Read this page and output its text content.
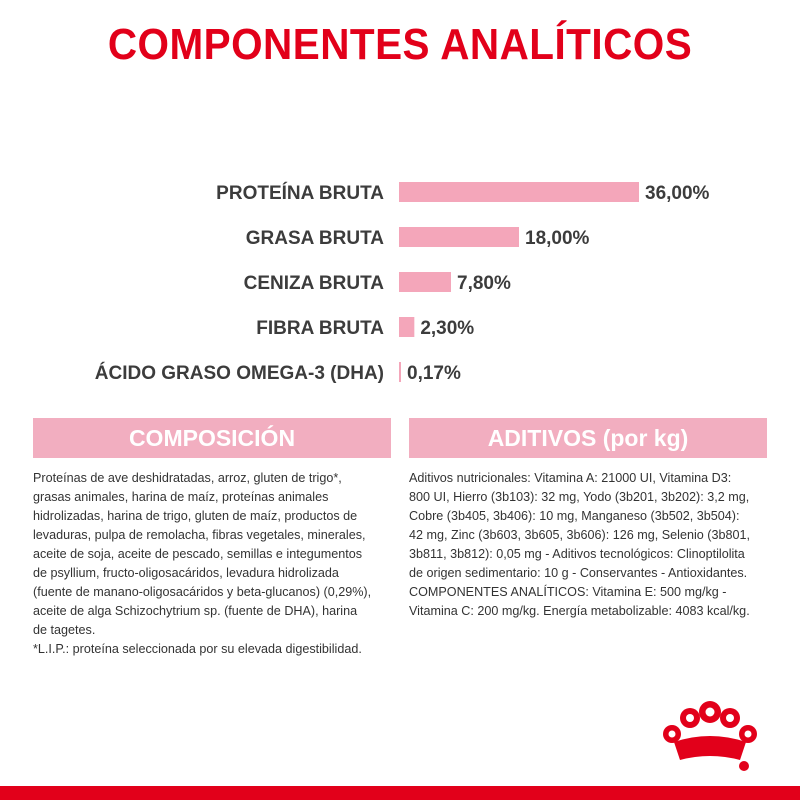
COMPONENTES ANALÍTICOS
PROTEÍNA BRUTA	36,00%
GRASA BRUTA	18,00%
CENIZA BRUTA	7,80%
FIBRA BRUTA 2,30%
ÁCIDO GRASO OMEGA-3 (DHA) 0,17%
COMPOSICIÓN	ADITIVOS (por kg)
Proteínas de ave deshidratadas, arroz, gluten de trigo*,
grasas animales, harina de maíz, proteínas animales
hidrolizadas, harina de trigo, gluten de maíz, productos de
levaduras, pulpa de remolacha, fibras vegetales, minerales,
aceite de soja, aceite de pescado, semillas e integumentos
de psyllium, fructo-oligosacáridos, levadura hidrolizada
(fuente de manano-oligosacáridos y beta-glucanos) (0,29%),
aceite de alga Schizochytrium sp. (fuente de DHA), harina
de tagetes.
*L.I.P.: proteína seleccionada por su elevada digestibilidad.
Aditivos nutricionales: Vitamina A: 21000 UI, Vitamina D3:
800 UI, Hierro (3b103): 32 mg, Yodo (3b201, 3b202): 3,2 mg,
Cobre (3b405, 3b406): 10 mg, Manganeso (3b502, 3b504):
42 mg, Zinc (3b603, 3b605, 3b606): 126 mg, Selenio (3b801,
3b811, 3b812): 0,05 mg - Aditivos tecnológicos: Clinoptilolita
de origen sedimentario: 10 g - Conservantes - Antioxidantes.
COMPONENTES ANALÍTICOS: Vitamina E: 500 mg/kg -
Vitamina C: 200 mg/kg. Energía metabolizable: 4083 kcal/kg.
